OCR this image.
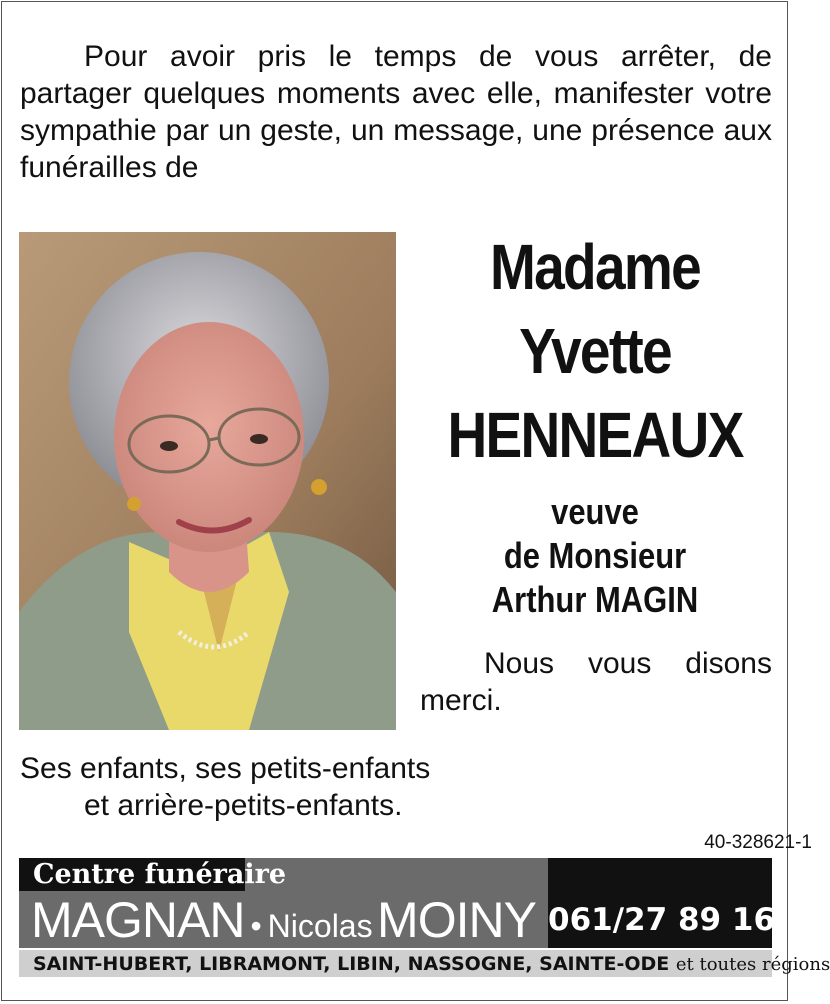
Pour avoir pris le temps de vous arrêter, de partager quelques moments avec elle, manifester votre sympathie par un geste, un message, une présence aux funérailles de

Madame
Yvette
HENNEAUX
veuve
de Monsieur
Arthur MAGIN

Nous vous disons merci.

Ses enfants, ses petits-enfants
et arrière-petits-enfants.
40-328621-1
Centre funéraire
MAGNAN • Nicolas MOINY 061/27 89 16
SAINT-HUBERT, LIBRAMONT, LIBIN, NASSOGNE, SAINTE-ODE et toutes régions
